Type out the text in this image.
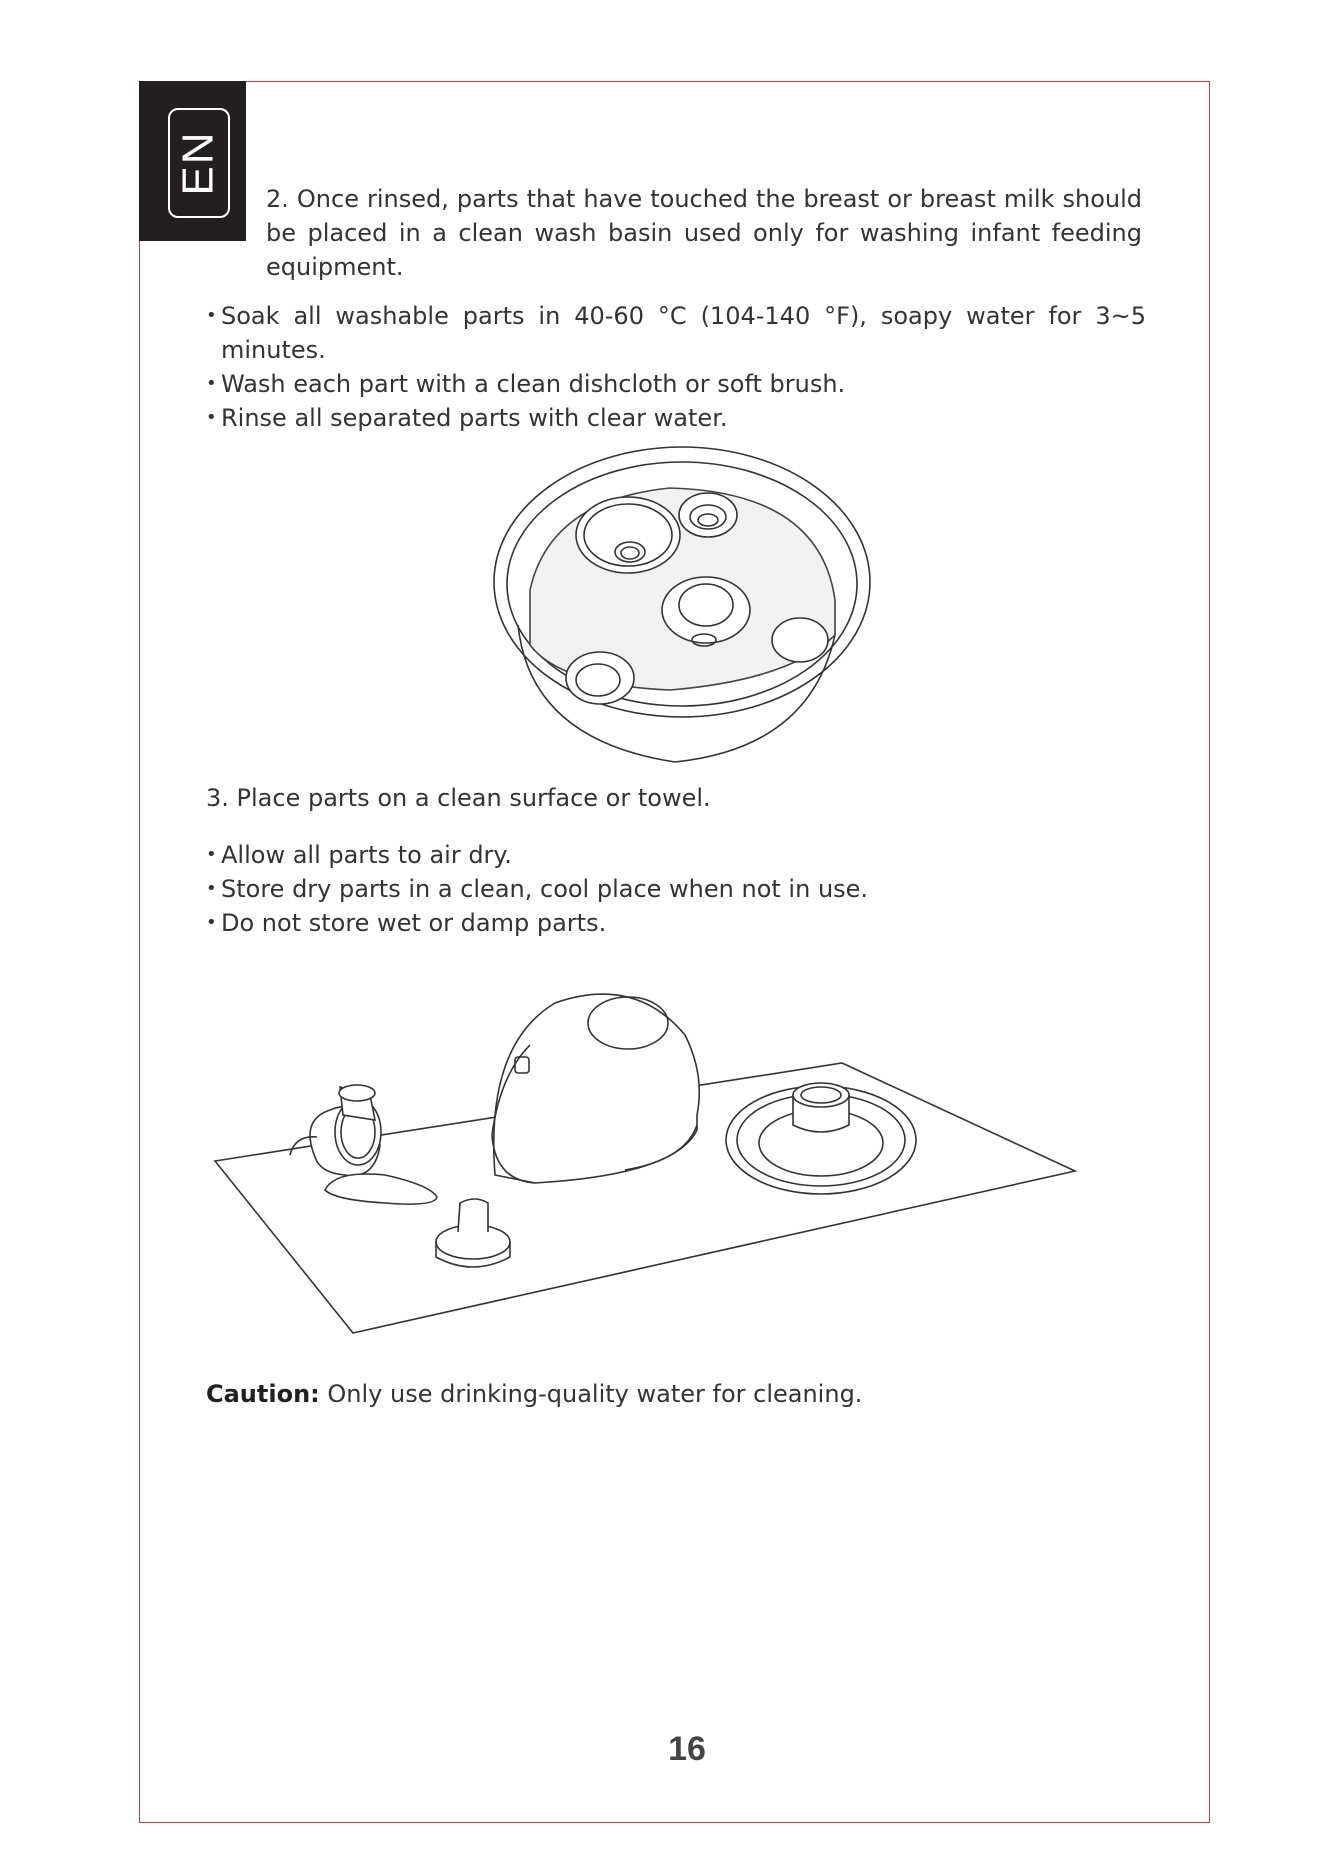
EN

2. Once rinsed, parts that have touched the breast or breast milk should be placed in a clean wash basin used only for washing infant feeding equipment.

• Soak all washable parts in 40-60 °C (104-140 °F), soapy water for 3~5 minutes.
• Wash each part with a clean dishcloth or soft brush.
• Rinse all separated parts with clear water.

3. Place parts on a clean surface or towel.

• Allow all parts to air dry.
• Store dry parts in a clean, cool place when not in use.
• Do not store wet or damp parts.

Caution: Only use drinking-quality water for cleaning.

16
